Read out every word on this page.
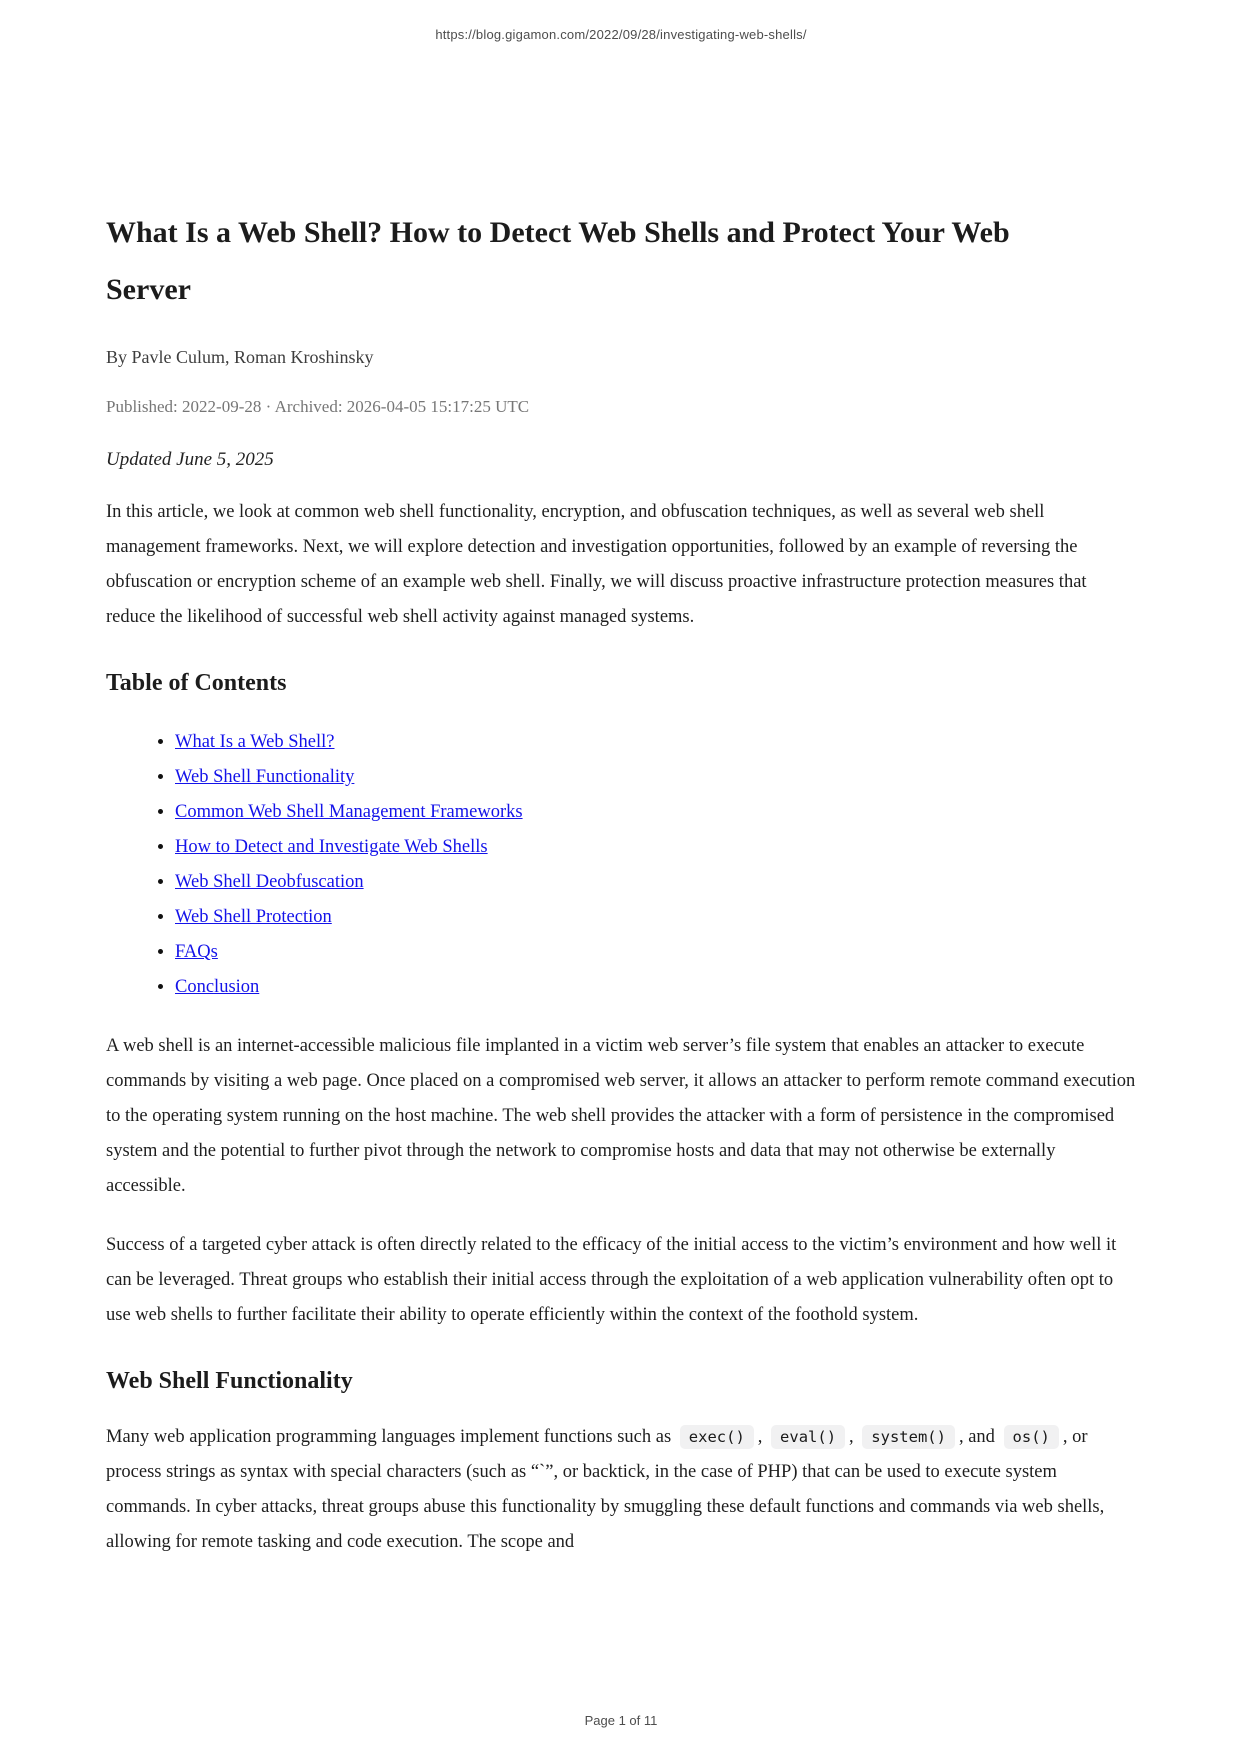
https://blog.gigamon.com/2022/09/28/investigating-web-shells/
What Is a Web Shell? How to Detect Web Shells and Protect Your Web Server

By Pavle Culum, Roman Kroshinsky

Published: 2022-09-28 · Archived: 2026-04-05 15:17:25 UTC

Updated June 5, 2025

In this article, we look at common web shell functionality, encryption, and obfuscation techniques, as well as several web shell management frameworks. Next, we will explore detection and investigation opportunities, followed by an example of reversing the obfuscation or encryption scheme of an example web shell. Finally, we will discuss proactive infrastructure protection measures that reduce the likelihood of successful web shell activity against managed systems.

Table of Contents
• What Is a Web Shell?
• Web Shell Functionality
• Common Web Shell Management Frameworks
• How to Detect and Investigate Web Shells
• Web Shell Deobfuscation
• Web Shell Protection
• FAQs
• Conclusion

A web shell is an internet-accessible malicious file implanted in a victim web server’s file system that enables an attacker to execute commands by visiting a web page. Once placed on a compromised web server, it allows an attacker to perform remote command execution to the operating system running on the host machine. The web shell provides the attacker with a form of persistence in the compromised system and the potential to further pivot through the network to compromise hosts and data that may not otherwise be externally accessible.

Success of a targeted cyber attack is often directly related to the efficacy of the initial access to the victim’s environment and how well it can be leveraged. Threat groups who establish their initial access through the exploitation of a web application vulnerability often opt to use web shells to further facilitate their ability to operate efficiently within the context of the foothold system.

Web Shell Functionality

Many web application programming languages implement functions such as exec() , eval() , system() , and os() , or process strings as syntax with special characters (such as “`”, or backtick, in the case of PHP) that can be used to execute system commands. In cyber attacks, threat groups abuse this functionality by smuggling these default functions and commands via web shells, allowing for remote tasking and code execution. The scope and

Page 1 of 11
